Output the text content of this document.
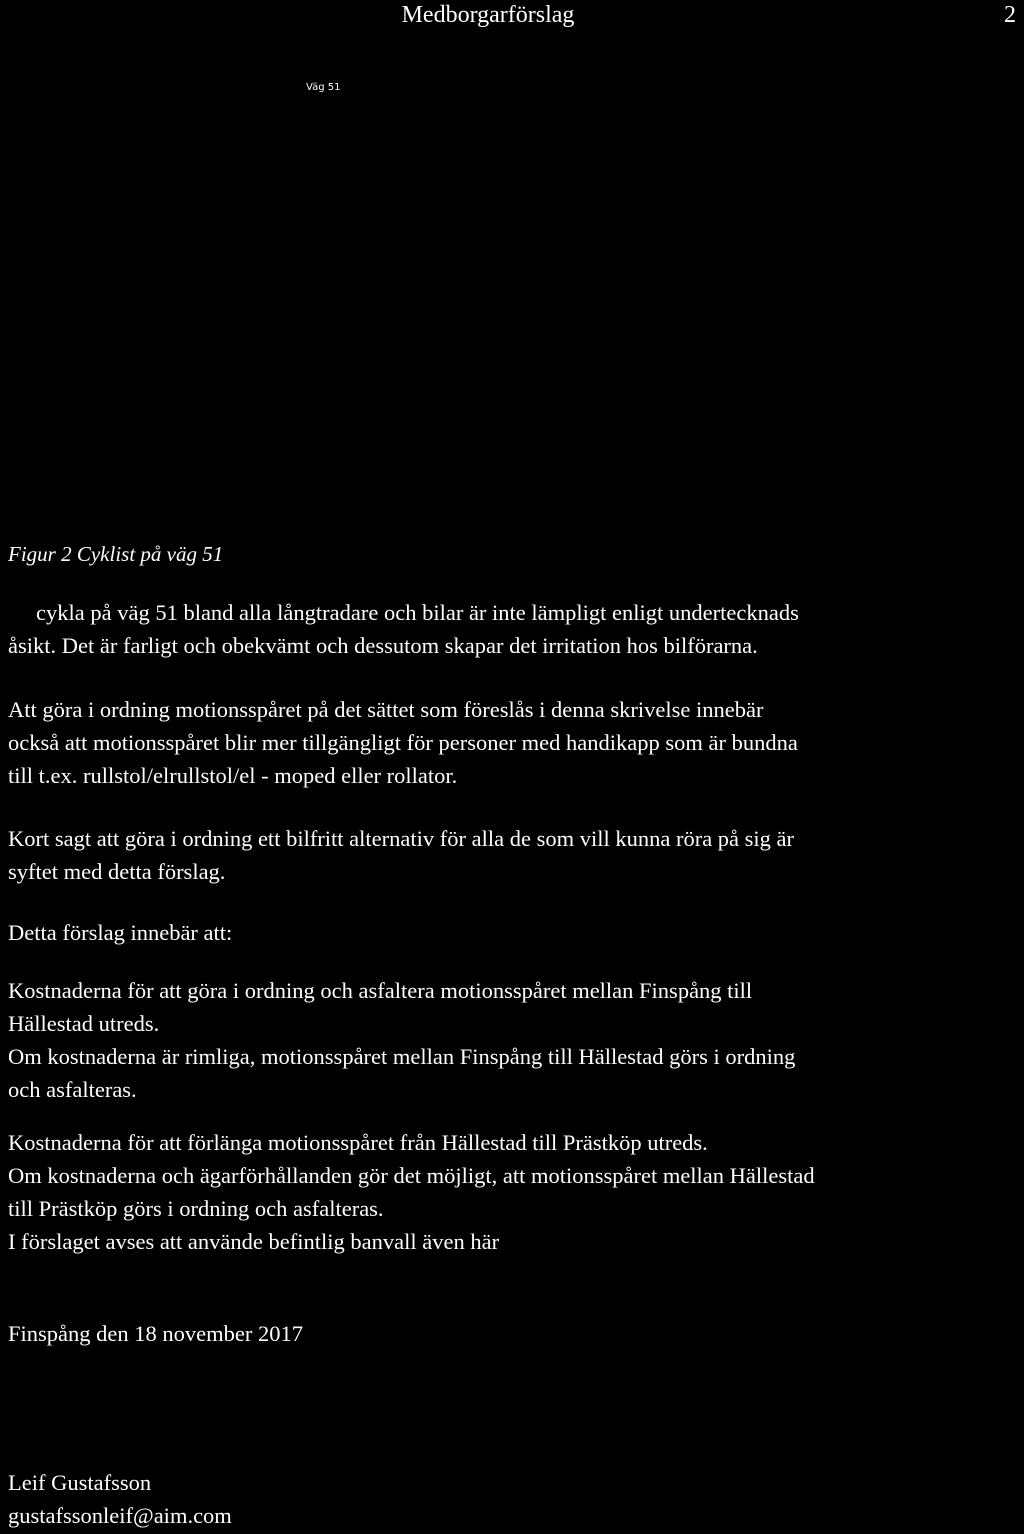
Medborgarförslag	2
Väg 51
Figur 2 Cyklist på väg 51
cykla på väg 51 bland alla långtradare och bilar är inte lämpligt enligt undertecknads
åsikt. Det är farligt och obekvämt och dessutom skapar det irritation hos bilförarna.
Att göra i ordning motionsspåret på det sättet som föreslås i denna skrivelse innebär
också att motionsspåret blir mer tillgängligt för personer med handikapp som är bundna
till t.ex. rullstol/elrullstol/el - moped eller rollator.
Kort sagt att göra i ordning ett bilfritt alternativ för alla de som vill kunna röra på sig är
syftet med detta förslag.
Detta förslag innebär att:
Kostnaderna för att göra i ordning och asfaltera motionsspåret mellan Finspång till
Hällestad utreds.
Om kostnaderna är rimliga, motionsspåret mellan Finspång till Hällestad görs i ordning
och asfalteras.
Kostnaderna för att förlänga motionsspåret från Hällestad till Prästköp utreds.
Om kostnaderna och ägarförhållanden gör det möjligt, att motionsspåret mellan Hällestad
till Prästköp görs i ordning och asfalteras.
I förslaget avses att använde befintlig banvall även här
Finspång den 18 november 2017
Leif Gustafsson
gustafssonleif@aim.com
